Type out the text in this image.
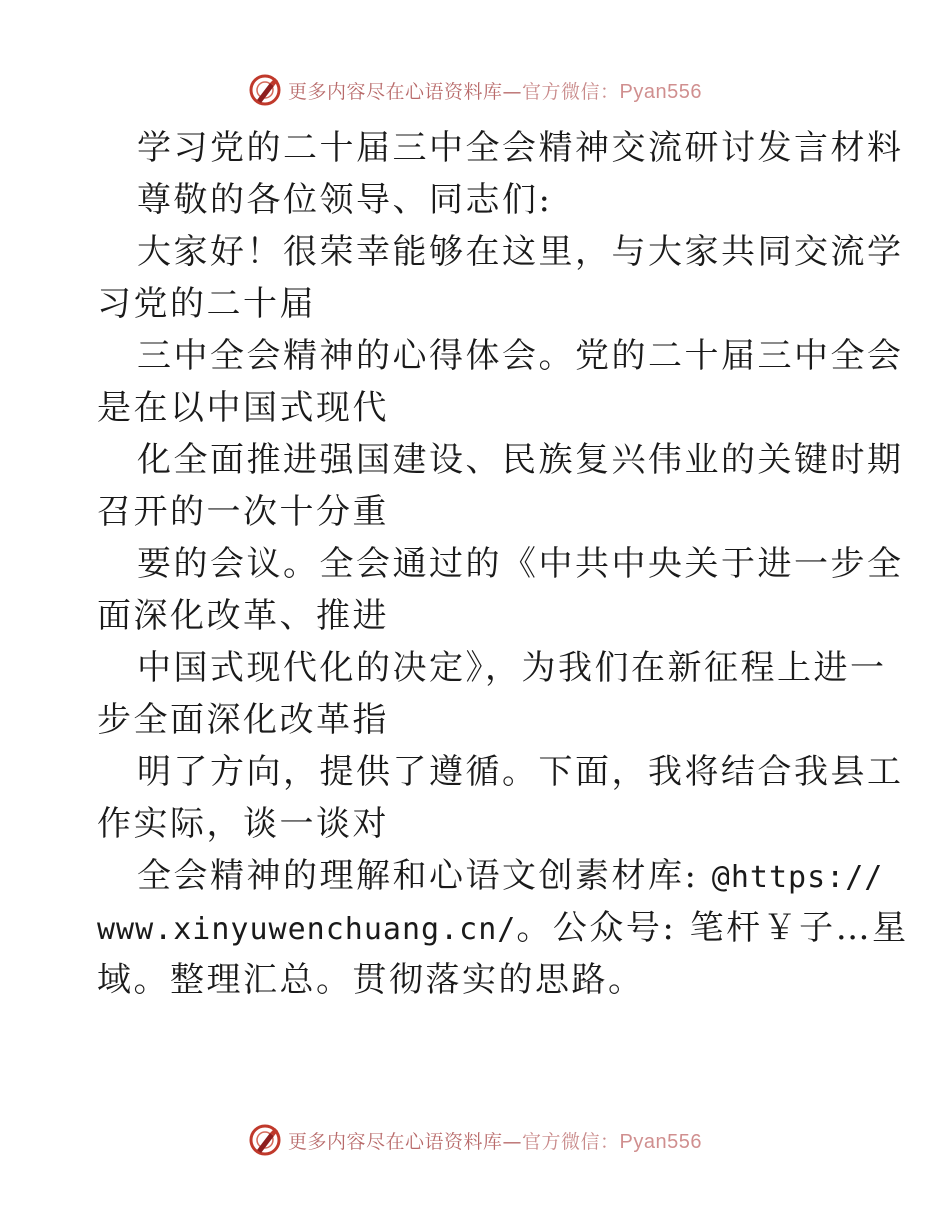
更多内容尽在心语资料库—官方微信：Pyan556
学习党的二十届三中全会精神交流研讨发言材料
尊敬的各位领导、同志们:
大家好！很荣幸能够在这里，与大家共同交流学
习党的二十届
三中全会精神的心得体会。党的二十届三中全会
是在以中国式现代
化全面推进强国建设、民族复兴伟业的关键时期
召开的一次十分重
要的会议。全会通过的《中共中央关于进一步全
面深化改革、推进
中国式现代化的决定》，为我们在新征程上进一
步全面深化改革指
明了方向，提供了遵循。下面，我将结合我县工
作实际，谈一谈对
全会精神的理解和心语文创素材库: @https://
www.xinyuwenchuang.cn/。公众号: 笔杆￥子…星
域。整理汇总。贯彻落实的思路。
更多内容尽在心语资料库—官方微信：Pyan556
